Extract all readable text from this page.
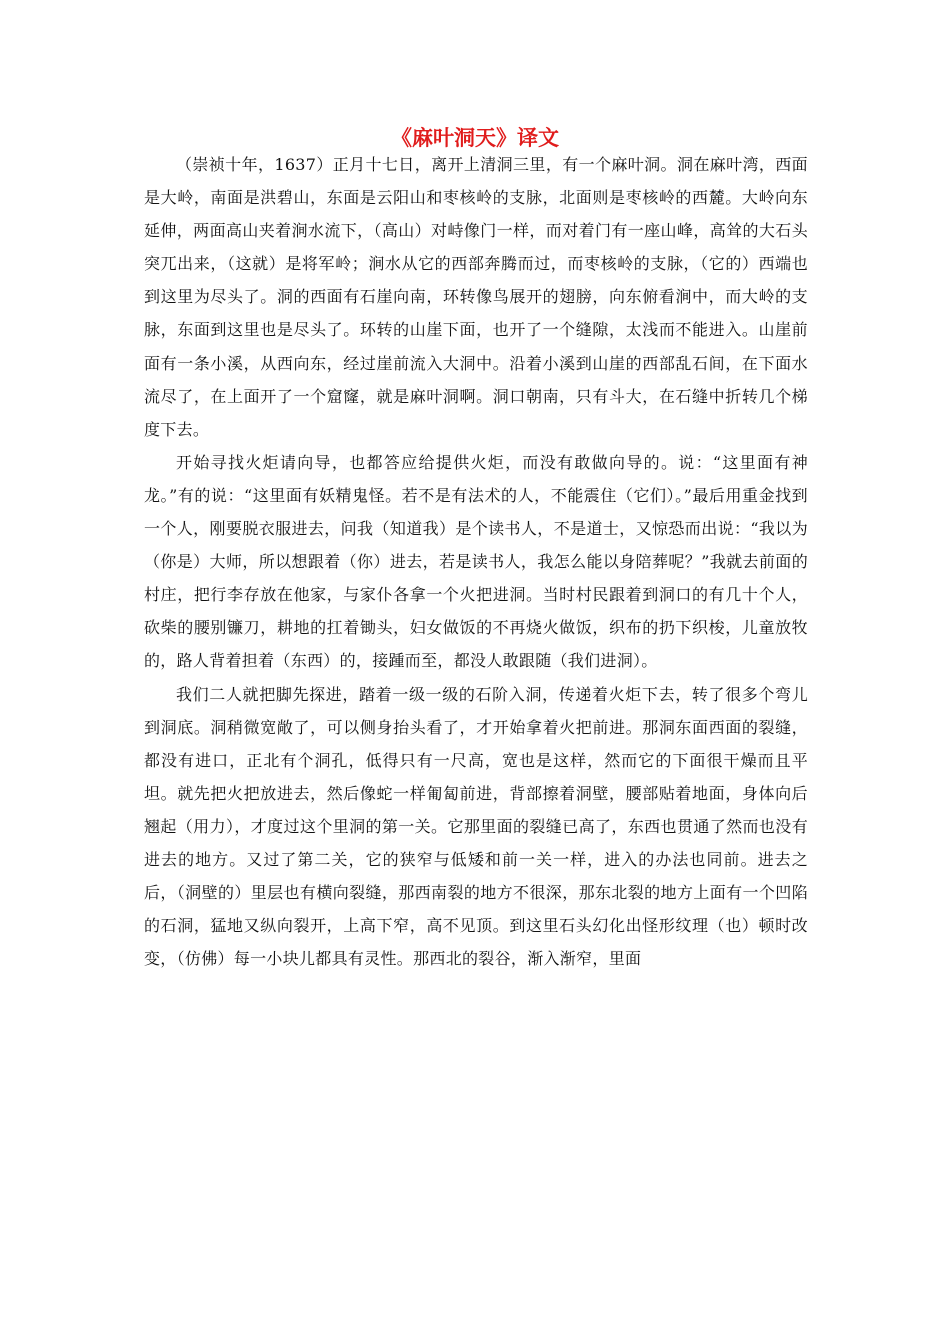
《麻叶洞天》译文

（崇祯十年，1637）正月十七日，离开上清洞三里，有一个麻叶洞。洞在麻叶湾，西面是大岭，南面是洪碧山，东面是云阳山和枣核岭的支脉，北面则是枣核岭的西麓。大岭向东延伸，两面高山夹着涧水流下，（高山）对峙像门一样，而对着门有一座山峰，高耸的大石头突兀出来，（这就）是将军岭；涧水从它的西部奔腾而过，而枣核岭的支脉，（它的）西端也到这里为尽头了。洞的西面有石崖向南，环转像鸟展开的翅膀，向东俯看涧中，而大岭的支脉，东面到这里也是尽头了。环转的山崖下面，也开了一个缝隙，太浅而不能进入。山崖前面有一条小溪，从西向东，经过崖前流入大洞中。沿着小溪到山崖的西部乱石间，在下面水流尽了，在上面开了一个窟窿，就是麻叶洞啊。洞口朝南，只有斗大，在石缝中折转几个梯度下去。

开始寻找火炬请向导，也都答应给提供火炬，而没有敢做向导的。说：“这里面有神龙。”有的说：“这里面有妖精鬼怪。若不是有法术的人，不能震住（它们）。”最后用重金找到一个人，刚要脱衣服进去，问我（知道我）是个读书人，不是道士，又惊恐而出说：“我以为（你是）大师，所以想跟着（你）进去，若是读书人，我怎么能以身陪葬呢？”我就去前面的村庄，把行李存放在他家，与家仆各拿一个火把进洞。当时村民跟着到洞口的有几十个人，砍柴的腰别镰刀，耕地的扛着锄头，妇女做饭的不再烧火做饭，织布的扔下织梭，儿童放牧的，路人背着担着（东西）的，接踵而至，都没人敢跟随（我们进洞）。

我们二人就把脚先探进，踏着一级一级的石阶入洞，传递着火炬下去，转了很多个弯儿到洞底。洞稍微宽敞了，可以侧身抬头看了，才开始拿着火把前进。那洞东面西面的裂缝，都没有进口，正北有个洞孔，低得只有一尺高，宽也是这样，然而它的下面很干燥而且平坦。就先把火把放进去，然后像蛇一样匍匐前进，背部擦着洞壁，腰部贴着地面，身体向后翘起（用力），才度过这个里洞的第一关。它那里面的裂缝已高了，东西也贯通了然而也没有进去的地方。又过了第二关，它的狭窄与低矮和前一关一样，进入的办法也同前。进去之后，（洞壁的）里层也有横向裂缝，那西南裂的地方不很深，那东北裂的地方上面有一个凹陷的石洞，猛地又纵向裂开，上高下窄，高不见顶。到这里石头幻化出怪形纹理（也）顿时改变，（仿佛）每一小块儿都具有灵性。那西北的裂谷，渐入渐窄，里面
